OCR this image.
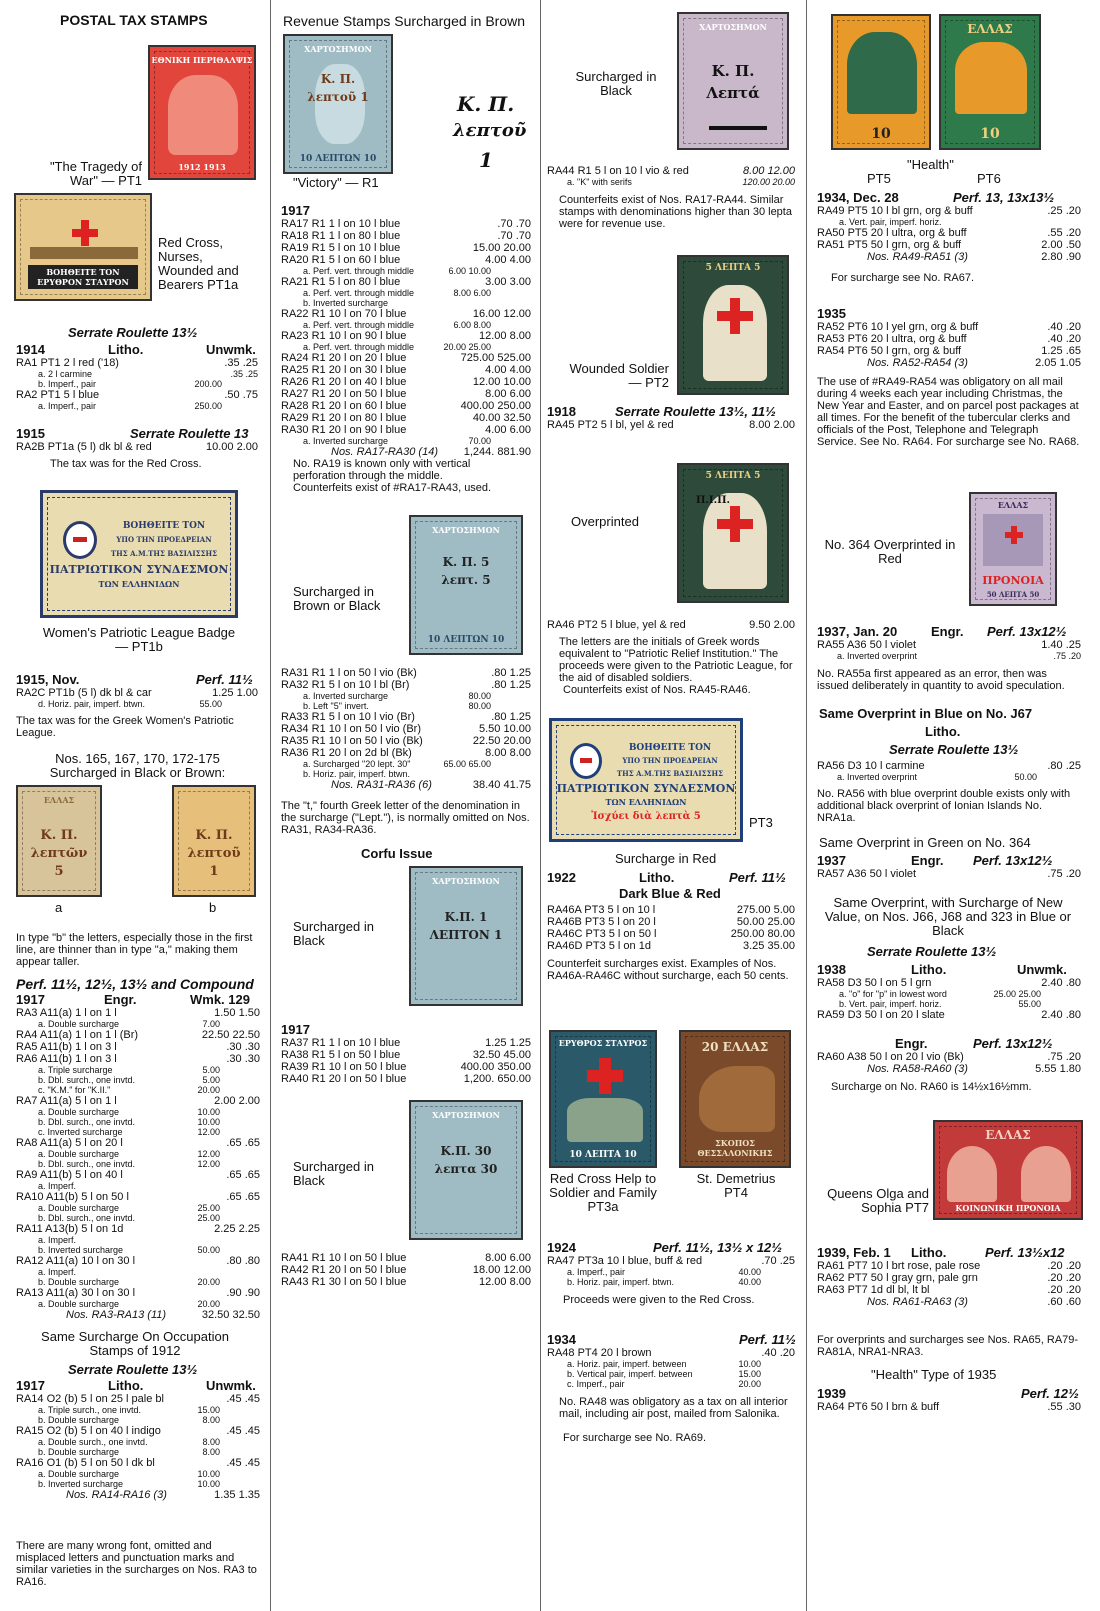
POSTAL TAX STAMPS
ΕΘΝΙΚΗ ΠΕΡΙΘΑΛΨΙΣ
1912 1913
"The Tragedy of War" — PT1
ΒΟΗΘΕΙΤΕ ΤΟΝ ΕΡΥΘΡΟΝ ΣΤΑΥΡΟΝ
Red Cross, Nurses, Wounded and Bearers PT1a
Serrate Roulette 13½
1914	Litho.	Unwmk.
RA1 PT1 2 l red ('18)	.35 .25
a. 2 l carmine	.35 .25
b. Imperf., pair	200.00
RA2 PT1 5 l blue	.50 .75
a. Imperf., pair	250.00
1915	Serrate Roulette 13
RA2B PT1a (5 l) dk bl & red	10.00 2.00
The tax was for the Red Cross.
ΒΟΗΘΕΙΤΕ ΤΟΝ
ΥΠΟ ΤΗΝ ΠΡΟΕΔΡΕΙΑΝ
ΤΗΣ Α.Μ.ΤΗΣ ΒΑΣΙΛΙΣΣΗΣ
ΠΑΤΡΙΩΤΙΚΟΝ ΣΥΝΔΕΣΜΟΝ
ΤΩΝ ΕΛΛΗΝΙΔΩΝ
Women's Patriotic League Badge — PT1b
1915, Nov.	Perf. 11½
RA2C PT1b (5 l) dk bl & car	1.25 1.00
d. Horiz. pair, imperf. btwn.	55.00
The tax was for the Greek Women's Patriotic League.
Nos. 165, 167, 170, 172-175 Surcharged in Black or Brown:
ΕΛΛΑΣ
Κ. Π. λεπτῶν 5
Κ. Π. λεπτοῦ 1
a	b
In type "b" the letters, especially those in the first line, are thinner than in type "a," making them appear taller.
Perf. 11½, 12½, 13½ and Compound
1917	Engr.	Wmk. 129
RA3 A11(a) 1 l on 1 l	1.50 1.50
a. Double surcharge	7.00
RA4 A11(a) 1 l on 1 l (Br)	22.50 22.50
RA5 A11(b) 1 l on 3 l	.30 .30
RA6 A11(b) 1 l on 3 l	.30 .30
a. Triple surcharge	5.00
b. Dbl. surch., one invtd.	5.00
c. "K.M." for "K.II."	20.00
RA7 A11(a) 5 l on 1 l	2.00 2.00
a. Double surcharge	10.00
b. Dbl. surch., one invtd.	10.00
c. Inverted surcharge	12.00
RA8 A11(a) 5 l on 20 l	.65 .65
a. Double surcharge	12.00
b. Dbl. surch., one invtd.	12.00
RA9 A11(b) 5 l on 40 l	.65 .65
a. Imperf.
RA10 A11(b) 5 l on 50 l	.65 .65
a. Double surcharge	25.00
b. Dbl. surch., one invtd.	25.00
RA11 A13(b) 5 l on 1d	2.25 2.25
a. Imperf.
b. Inverted surcharge	50.00
RA12 A11(a) 10 l on 30 l	.80 .80
a. Imperf.
b. Double surcharge	20.00
RA13 A11(a) 30 l on 30 l	.90 .90
a. Double surcharge	20.00
Nos. RA3-RA13 (11)	32.50 32.50
Same Surcharge On Occupation Stamps of 1912
Serrate Roulette 13½
1917	Litho.	Unwmk.
RA14 O2 (b) 5 l on 25 l pale bl	.45 .45
a. Triple surch., one invtd.	15.00
b. Double surcharge	8.00
RA15 O2 (b) 5 l on 40 l indigo	.45 .45
a. Double surch., one invtd.	8.00
b. Double surcharge	8.00
RA16 O1 (b) 5 l on 50 l dk bl	.45 .45
a. Double surcharge	10.00
b. Inverted surcharge	10.00
Nos. RA14-RA16 (3)	1.35 1.35
There are many wrong font, omitted and misplaced letters and punctuation marks and similar varieties in the surcharges on Nos. RA3 to RA16.
Revenue Stamps Surcharged in Brown
ΧΑΡΤΟΣΗΜΟΝ
Κ. Π. λεπτοῦ 1
10 ΛΕΠΤΩΝ 10
Κ. Π.
λεπτοῦ
1
"Victory" — R1
1917
RA17 R1 1 l on 10 l blue	.70 .70
RA18 R1 1 l on 80 l blue	.70 .70
RA19 R1 5 l on 10 l blue	15.00 20.00
RA20 R1 5 l on 60 l blue	4.00 4.00
a. Perf. vert. through middle	6.00 10.00
RA21 R1 5 l on 80 l blue	3.00 3.00
a. Perf. vert. through middle	8.00 6.00
b. Inverted surcharge
RA22 R1 10 l on 70 l blue	16.00 12.00
a. Perf. vert. through middle	6.00 8.00
RA23 R1 10 l on 90 l blue	12.00 8.00
a. Perf. vert. through middle	20.00 25.00
RA24 R1 20 l on 20 l blue	725.00 525.00
RA25 R1 20 l on 30 l blue	4.00 4.00
RA26 R1 20 l on 40 l blue	12.00 10.00
RA27 R1 20 l on 50 l blue	8.00 6.00
RA28 R1 20 l on 60 l blue	400.00 250.00
RA29 R1 20 l on 80 l blue	40.00 32.50
RA30 R1 20 l on 90 l blue	4.00 6.00
a. Inverted surcharge	70.00
Nos. RA17-RA30 (14) 1,244. 881.90
No. RA19 is known only with vertical perforation through the middle.
Counterfeits exist of #RA17-RA43, used.
Surcharged in Brown or Black
ΧΑΡΤΟΣΗΜΟΝ
Κ. Π. 5 λεπτ. 5
10 ΛΕΠΤΩΝ 10
RA31 R1 1 l on 50 l vio (Bk)	.80 1.25
RA32 R1 5 l on 10 l bl (Br)	.80 1.25
a. Inverted surcharge	80.00
b. Left "5" invert.	80.00
RA33 R1 5 l on 10 l vio (Br)	.80 1.25
RA34 R1 10 l on 50 l vio (Br)	5.50 10.00
RA35 R1 10 l on 50 l vio (Bk)	22.50 20.00
RA36 R1 20 l on 2d bl (Bk)	8.00 8.00
a. Surcharged "20 lept. 30"	65.00 65.00
b. Horiz. pair, imperf. btwn.
Nos. RA31-RA36 (6)	38.40 41.75
The "t," fourth Greek letter of the denomination in the surcharge ("Lept."), is normally omitted on Nos. RA31, RA34-RA36.
Corfu Issue
Surcharged in Black
ΧΑΡΤΟΣΗΜΟΝ
Κ.Π. 1 ΛΕΠΤΟΝ 1
1917
RA37 R1 1 l on 10 l blue	1.25 1.25
RA38 R1 5 l on 50 l blue	32.50 45.00
RA39 R1 10 l on 50 l blue	400.00 350.00
RA40 R1 20 l on 50 l blue	1,200. 650.00
Surcharged in Black
ΧΑΡΤΟΣΗΜΟΝ
Κ.Π. 30 λεπτα 30
RA41 R1 10 l on 50 l blue	8.00 6.00
RA42 R1 20 l on 50 l blue	18.00 12.00
RA43 R1 30 l on 50 l blue	12.00 8.00
Surcharged in Black
ΧΑΡΤΟΣΗΜΟΝ
Κ. Π. Λεπτά
RA44 R1 5 l on 10 l vio & red	8.00 12.00
a. "K" with serifs	120.00 20.00
Counterfeits exist of Nos. RA17-RA44. Similar stamps with denominations higher than 30 lepta were for revenue use.
5 ΛΕΠΤΑ 5
Wounded Soldier — PT2
1918	Serrate Roulette 13½, 11½
RA45 PT2 5 l bl, yel & red	8.00 2.00
Overprinted
5 ΛΕΠΤΑ 5
Π.Ι.Π.
RA46 PT2 5 l blue, yel & red	9.50 2.00
The letters are the initials of Greek words equivalent to "Patriotic Relief Institution." The proceeds were given to the Patriotic League, for the aid of disabled soldiers.
Counterfeits exist of Nos. RA45-RA46.
ΒΟΗΘΕΙΤΕ ΤΟΝ
ΥΠΟ ΤΗΝ ΠΡΟΕΔΡΕΙΑΝ
ΤΗΣ Α.Μ.ΤΗΣ ΒΑΣΙΛΙΣΣΗΣ
ΠΑΤΡΙΩΤΙΚΟΝ ΣΥΝΔΕΣΜΟΝ
ΤΩΝ ΕΛΛΗΝΙΔΩΝ
Ἰσχύει διὰ λεπτὰ 5	PT3
Surcharge in Red
1922	Litho.	Perf. 11½
Dark Blue & Red
RA46A PT3 5 l on 10 l	275.00 5.00
RA46B PT3 5 l on 20 l	50.00 25.00
RA46C PT3 5 l on 50 l	250.00 80.00
RA46D PT3 5 l on 1d	3.25 35.00
Counterfeit surcharges exist. Examples of Nos. RA46A-RA46C without surcharge, each 50 cents.
ΕΡΥΘΡΟΣ ΣΤΑΥΡΟΣ
10 ΛΕΠΤΑ 10
20 ΕΛΛΑΣ
ΣΚΟΠΟΣ ΘΕΣΣΑΛΟΝΙΚΗΣ
Red Cross Help to Soldier and Family PT3a
St. Demetrius PT4
1924	Perf. 11½, 13½ x 12½
RA47 PT3a 10 l blue, buff & red	.70 .25
a. Imperf., pair	40.00
b. Horiz. pair, imperf. btwn.	40.00
Proceeds were given to the Red Cross.
1934	Perf. 11½
RA48 PT4 20 l brown	.40 .20
a. Horiz. pair, imperf. between	10.00
b. Vertical pair, imperf. between	15.00
c. Imperf., pair	20.00
No. RA48 was obligatory as a tax on all interior mail, including air post, mailed from Salonika.
For surcharge see No. RA69.
10
ΕΛΛΑΣ
10
"Health"
PT5	PT6
1934, Dec. 28	Perf. 13, 13x13½
RA49 PT5 10 l bl grn, org & buff	.25 .20
a. Vert. pair, imperf. horiz.
RA50 PT5 20 l ultra, org & buff	.55 .20
RA51 PT5 50 l grn, org & buff	2.00 .50
Nos. RA49-RA51 (3)	2.80 .90
For surcharge see No. RA67.
1935
RA52 PT6 10 l yel grn, org & buff	.40 .20
RA53 PT6 20 l ultra, org & buff	.40 .20
RA54 PT6 50 l grn, org & buff	1.25 .65
Nos. RA52-RA54 (3)	2.05 1.05
The use of #RA49-RA54 was obligatory on all mail during 4 weeks each year including Christmas, the New Year and Easter, and on parcel post packages at all times. For the benefit of the tubercular clerks and officials of the Post, Telephone and Telegraph Service. See No. RA64. For surcharge see No. RA68.
No. 364 Overprinted in Red
ΕΛΛΑΣ
ΠΡΟΝΟΙΑ
50 ΛΕΠΤΑ 50
1937, Jan. 20	Engr. Perf. 13x12½
RA55 A36 50 l violet	1.40 .25
a. Inverted overprint	.75 .20
No. RA55a first appeared as an error, then was issued deliberately in quantity to avoid speculation.
Same Overprint in Blue on No. J67
Litho.
Serrate Roulette 13½
RA56 D3 10 l carmine	.80 .25
a. Inverted overprint	50.00
No. RA56 with blue overprint double exists only with additional black overprint of Ionian Islands No. NRA1a.
Same Overprint in Green on No. 364
1937	Engr. Perf. 13x12½
RA57 A36 50 l violet	.75 .20
Same Overprint, with Surcharge of New Value, on Nos. J66, J68 and 323 in Blue or Black
Serrate Roulette 13½
1938	Litho.	Unwmk.
RA58 D3 50 l on 5 l grn	2.40 .80
a. "o" for "p" in lowest word	25.00 25.00
b. Vert. pair, imperf. horiz.	55.00
RA59 D3 50 l on 20 l slate	2.40 .80
Engr.	Perf. 13x12½
RA60 A38 50 l on 20 l vio (Bk)	.75 .20
Nos. RA58-RA60 (3)	5.55 1.80
Surcharge on No. RA60 is 14½x16½mm.
ΕΛΛΑΣ
ΚΟΙΝΩΝΙΚΗ ΠΡΟΝΟΙΑ
Queens Olga and Sophia PT7
1939, Feb. 1 Litho.	Perf. 13½x12
RA61 PT7 10 l brt rose, pale rose	.20 .20
RA62 PT7 50 l gray grn, pale grn	.20 .20
RA63 PT7 1d dl bl, lt bl	.20 .20
Nos. RA61-RA63 (3)	.60 .60
For overprints and surcharges see Nos. RA65, RA79-RA81A, NRA1-NRA3.
"Health" Type of 1935
1939	Perf. 12½
RA64 PT6 50 l brn & buff	.55 .30
